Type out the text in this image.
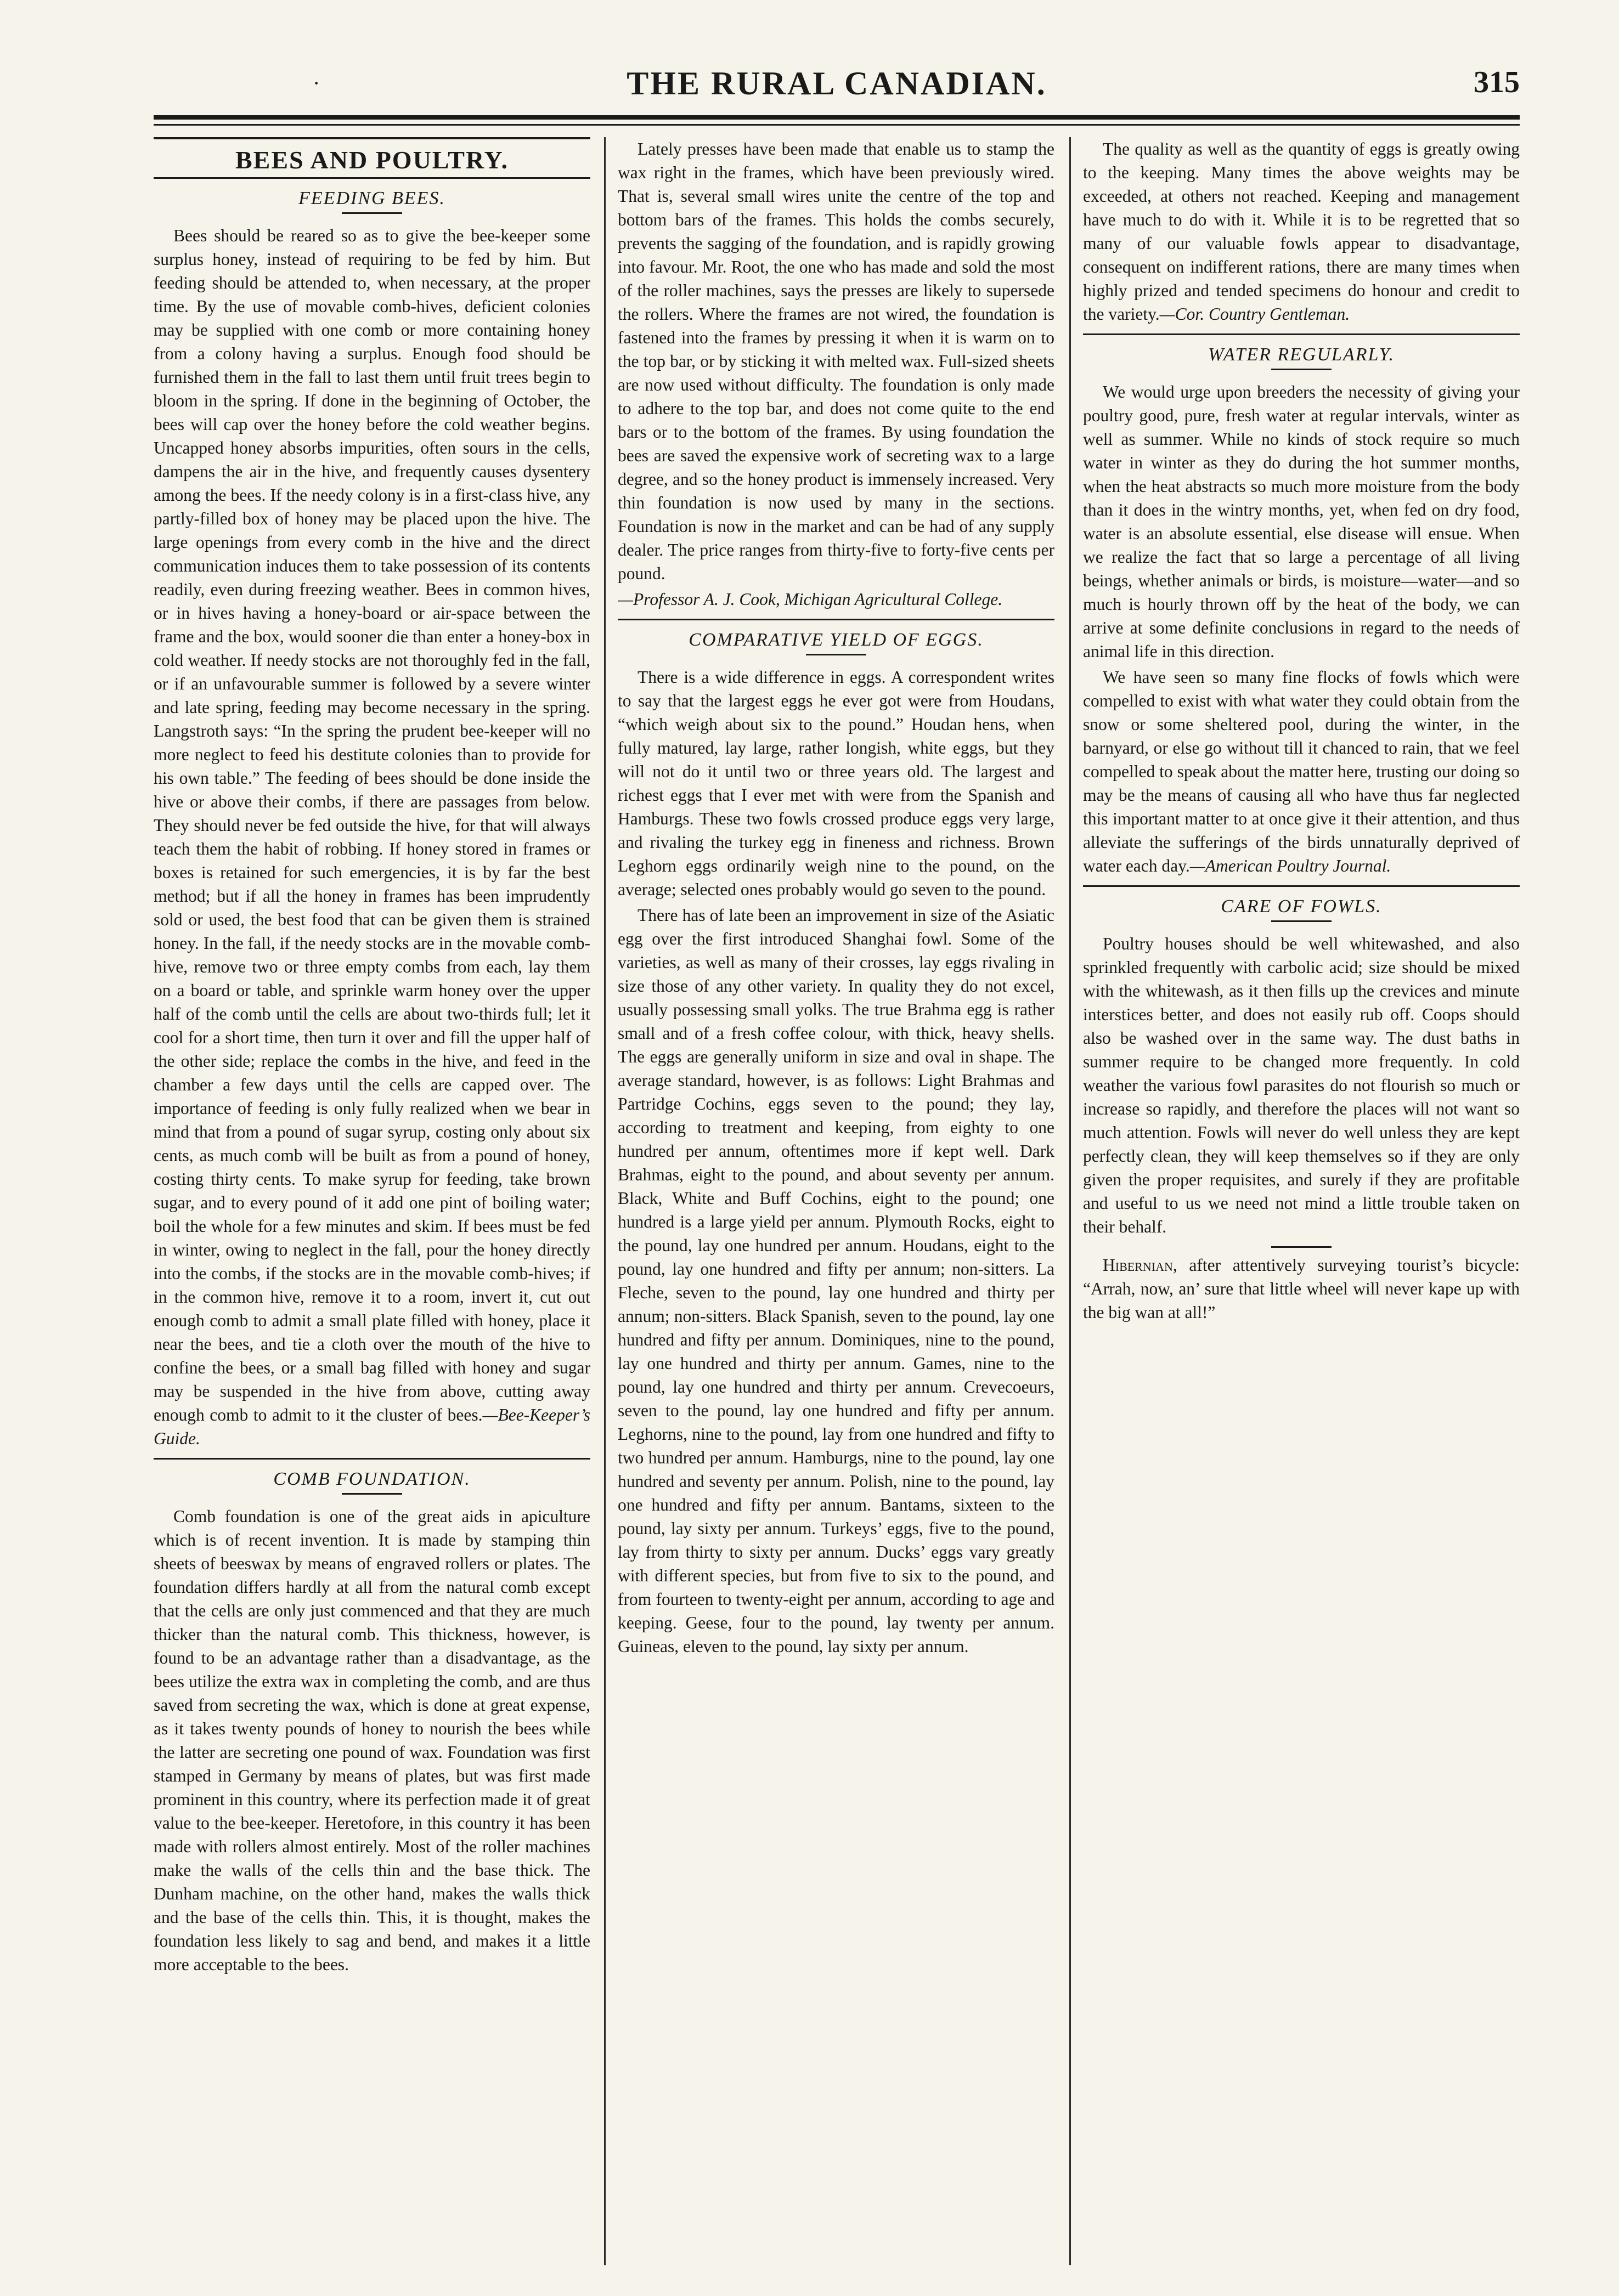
·	THE RURAL CANADIAN.	315
BEES AND POULTRY.
FEEDING BEES.

Bees should be reared so as to give the bee-keeper some surplus honey, instead of requiring to be fed by him. But feeding should be attended to, when necessary, at the proper time. By the use of movable comb-hives, deficient colonies may be supplied with one comb or more containing honey from a colony having a surplus. Enough food should be furnished them in the fall to last them until fruit trees begin to bloom in the spring. If done in the beginning of October, the bees will cap over the honey before the cold weather begins. Uncapped honey absorbs impurities, often sours in the cells, dampens the air in the hive, and frequently causes dysentery among the bees. If the needy colony is in a first-class hive, any partly-filled box of honey may be placed upon the hive. The large openings from every comb in the hive and the direct communication induces them to take possession of its contents readily, even during freezing weather. Bees in common hives, or in hives having a honey-board or air-space between the frame and the box, would sooner die than enter a honey-box in cold weather. If needy stocks are not thoroughly fed in the fall, or if an unfavourable summer is followed by a severe winter and late spring, feeding may become necessary in the spring. Langstroth says: “In the spring the prudent bee-keeper will no more neglect to feed his destitute colonies than to provide for his own table.” The feeding of bees should be done inside the hive or above their combs, if there are passages from below. They should never be fed outside the hive, for that will always teach them the habit of robbing. If honey stored in frames or boxes is retained for such emergencies, it is by far the best method; but if all the honey in frames has been imprudently sold or used, the best food that can be given them is strained honey. In the fall, if the needy stocks are in the movable comb-hive, remove two or three empty combs from each, lay them on a board or table, and sprinkle warm honey over the upper half of the comb until the cells are about two-thirds full; let it cool for a short time, then turn it over and fill the upper half of the other side; replace the combs in the hive, and feed in the chamber a few days until the cells are capped over. The importance of feeding is only fully realized when we bear in mind that from a pound of sugar syrup, costing only about six cents, as much comb will be built as from a pound of honey, costing thirty cents. To make syrup for feeding, take brown sugar, and to every pound of it add one pint of boiling water; boil the whole for a few minutes and skim. If bees must be fed in winter, owing to neglect in the fall, pour the honey directly into the combs, if the stocks are in the movable comb-hives; if in the common hive, remove it to a room, invert it, cut out enough comb to admit a small plate filled with honey, place it near the bees, and tie a cloth over the mouth of the hive to confine the bees, or a small bag filled with honey and sugar may be suspended in the hive from above, cutting away enough comb to admit to it the cluster of bees.—Bee-Keeper’s Guide.

COMB FOUNDATION.

Comb foundation is one of the great aids in apiculture which is of recent invention. It is made by stamping thin sheets of beeswax by means of engraved rollers or plates. The foundation differs hardly at all from the natural comb except that the cells are only just commenced and that they are much thicker than the natural comb. This thickness, however, is found to be an advantage rather than a disadvantage, as the bees utilize the extra wax in completing the comb, and are thus saved from secreting the wax, which is done at great expense, as it takes twenty pounds of honey to nourish the bees while the latter are secreting one pound of wax. Foundation was first stamped in Germany by means of plates, but was first made prominent in this country, where its perfection made it of great value to the bee-keeper. Heretofore, in this country it has been made with rollers almost entirely. Most of the roller machines make the walls of the cells thin and the base thick. The Dunham machine, on the other hand, makes the walls thick and the base of the cells thin. This, it is thought, makes the foundation less likely to sag and bend, and makes it a little more acceptable to the bees.

Lately presses have been made that enable us to stamp the wax right in the frames, which have been previously wired. That is, several small wires unite the centre of the top and bottom bars of the frames. This holds the combs securely, prevents the sagging of the foundation, and is rapidly growing into favour. Mr. Root, the one who has made and sold the most of the roller machines, says the presses are likely to supersede the rollers. Where the frames are not wired, the foundation is fastened into the frames by pressing it when it is warm on to the top bar, or by sticking it with melted wax. Full-sized sheets are now used without difficulty. The foundation is only made to adhere to the top bar, and does not come quite to the end bars or to the bottom of the frames. By using foundation the bees are saved the expensive work of secreting wax to a large degree, and so the honey product is immensely increased. Very thin foundation is now used by many in the sections. Foundation is now in the market and can be had of any supply dealer. The price ranges from thirty-five to forty-five cents per pound.

—Professor A. J. Cook, Michigan Agricultural College.

COMPARATIVE YIELD OF EGGS.

There is a wide difference in eggs. A correspondent writes to say that the largest eggs he ever got were from Houdans, “which weigh about six to the pound.” Houdan hens, when fully matured, lay large, rather longish, white eggs, but they will not do it until two or three years old. The largest and richest eggs that I ever met with were from the Spanish and Hamburgs. These two fowls crossed produce eggs very large, and rivaling the turkey egg in fineness and richness. Brown Leghorn eggs ordinarily weigh nine to the pound, on the average; selected ones probably would go seven to the pound.

There has of late been an improvement in size of the Asiatic egg over the first introduced Shanghai fowl. Some of the varieties, as well as many of their crosses, lay eggs rivaling in size those of any other variety. In quality they do not excel, usually possessing small yolks. The true Brahma egg is rather small and of a fresh coffee colour, with thick, heavy shells. The eggs are generally uniform in size and oval in shape. The average standard, however, is as follows: Light Brahmas and Partridge Cochins, eggs seven to the pound; they lay, according to treatment and keeping, from eighty to one hundred per annum, oftentimes more if kept well. Dark Brahmas, eight to the pound, and about seventy per annum. Black, White and Buff Cochins, eight to the pound; one hundred is a large yield per annum. Plymouth Rocks, eight to the pound, lay one hundred per annum. Houdans, eight to the pound, lay one hundred and fifty per annum; non-sitters. La Fleche, seven to the pound, lay one hundred and thirty per annum; non-sitters. Black Spanish, seven to the pound, lay one hundred and fifty per annum. Dominiques, nine to the pound, lay one hundred and thirty per annum. Games, nine to the pound, lay one hundred and thirty per annum. Crevecoeurs, seven to the pound, lay one hundred and fifty per annum. Leghorns, nine to the pound, lay from one hundred and fifty to two hundred per annum. Hamburgs, nine to the pound, lay one hundred and seventy per annum. Polish, nine to the pound, lay one hundred and fifty per annum. Bantams, sixteen to the pound, lay sixty per annum. Turkeys’ eggs, five to the pound, lay from thirty to sixty per annum. Ducks’ eggs vary greatly with different species, but from five to six to the pound, and from fourteen to twenty-eight per annum, according to age and keeping. Geese, four to the pound, lay twenty per annum. Guineas, eleven to the pound, lay sixty per annum.

The quality as well as the quantity of eggs is greatly owing to the keeping. Many times the above weights may be exceeded, at others not reached. Keeping and management have much to do with it. While it is to be regretted that so many of our valuable fowls appear to disadvantage, consequent on indifferent rations, there are many times when highly prized and tended specimens do honour and credit to the variety.—Cor. Country Gentleman.

WATER REGULARLY.

We would urge upon breeders the necessity of giving your poultry good, pure, fresh water at regular intervals, winter as well as summer. While no kinds of stock require so much water in winter as they do during the hot summer months, when the heat abstracts so much more moisture from the body than it does in the wintry months, yet, when fed on dry food, water is an absolute essential, else disease will ensue. When we realize the fact that so large a percentage of all living beings, whether animals or birds, is moisture—water—and so much is hourly thrown off by the heat of the body, we can arrive at some definite conclusions in regard to the needs of animal life in this direction.

We have seen so many fine flocks of fowls which were compelled to exist with what water they could obtain from the snow or some sheltered pool, during the winter, in the barnyard, or else go without till it chanced to rain, that we feel compelled to speak about the matter here, trusting our doing so may be the means of causing all who have thus far neglected this important matter to at once give it their attention, and thus alleviate the sufferings of the birds unnaturally deprived of water each day.—American Poultry Journal.

CARE OF FOWLS.

Poultry houses should be well whitewashed, and also sprinkled frequently with carbolic acid; size should be mixed with the whitewash, as it then fills up the crevices and minute interstices better, and does not easily rub off. Coops should also be washed over in the same way. The dust baths in summer require to be changed more frequently. In cold weather the various fowl parasites do not flourish so much or increase so rapidly, and therefore the places will not want so much attention. Fowls will never do well unless they are kept perfectly clean, they will keep themselves so if they are only given the proper requisites, and surely if they are profitable and useful to us we need not mind a little trouble taken on their behalf.

Hibernian, after attentively surveying tourist’s bicycle: “Arrah, now, an’ sure that little wheel will never kape up with the big wan at all!”
